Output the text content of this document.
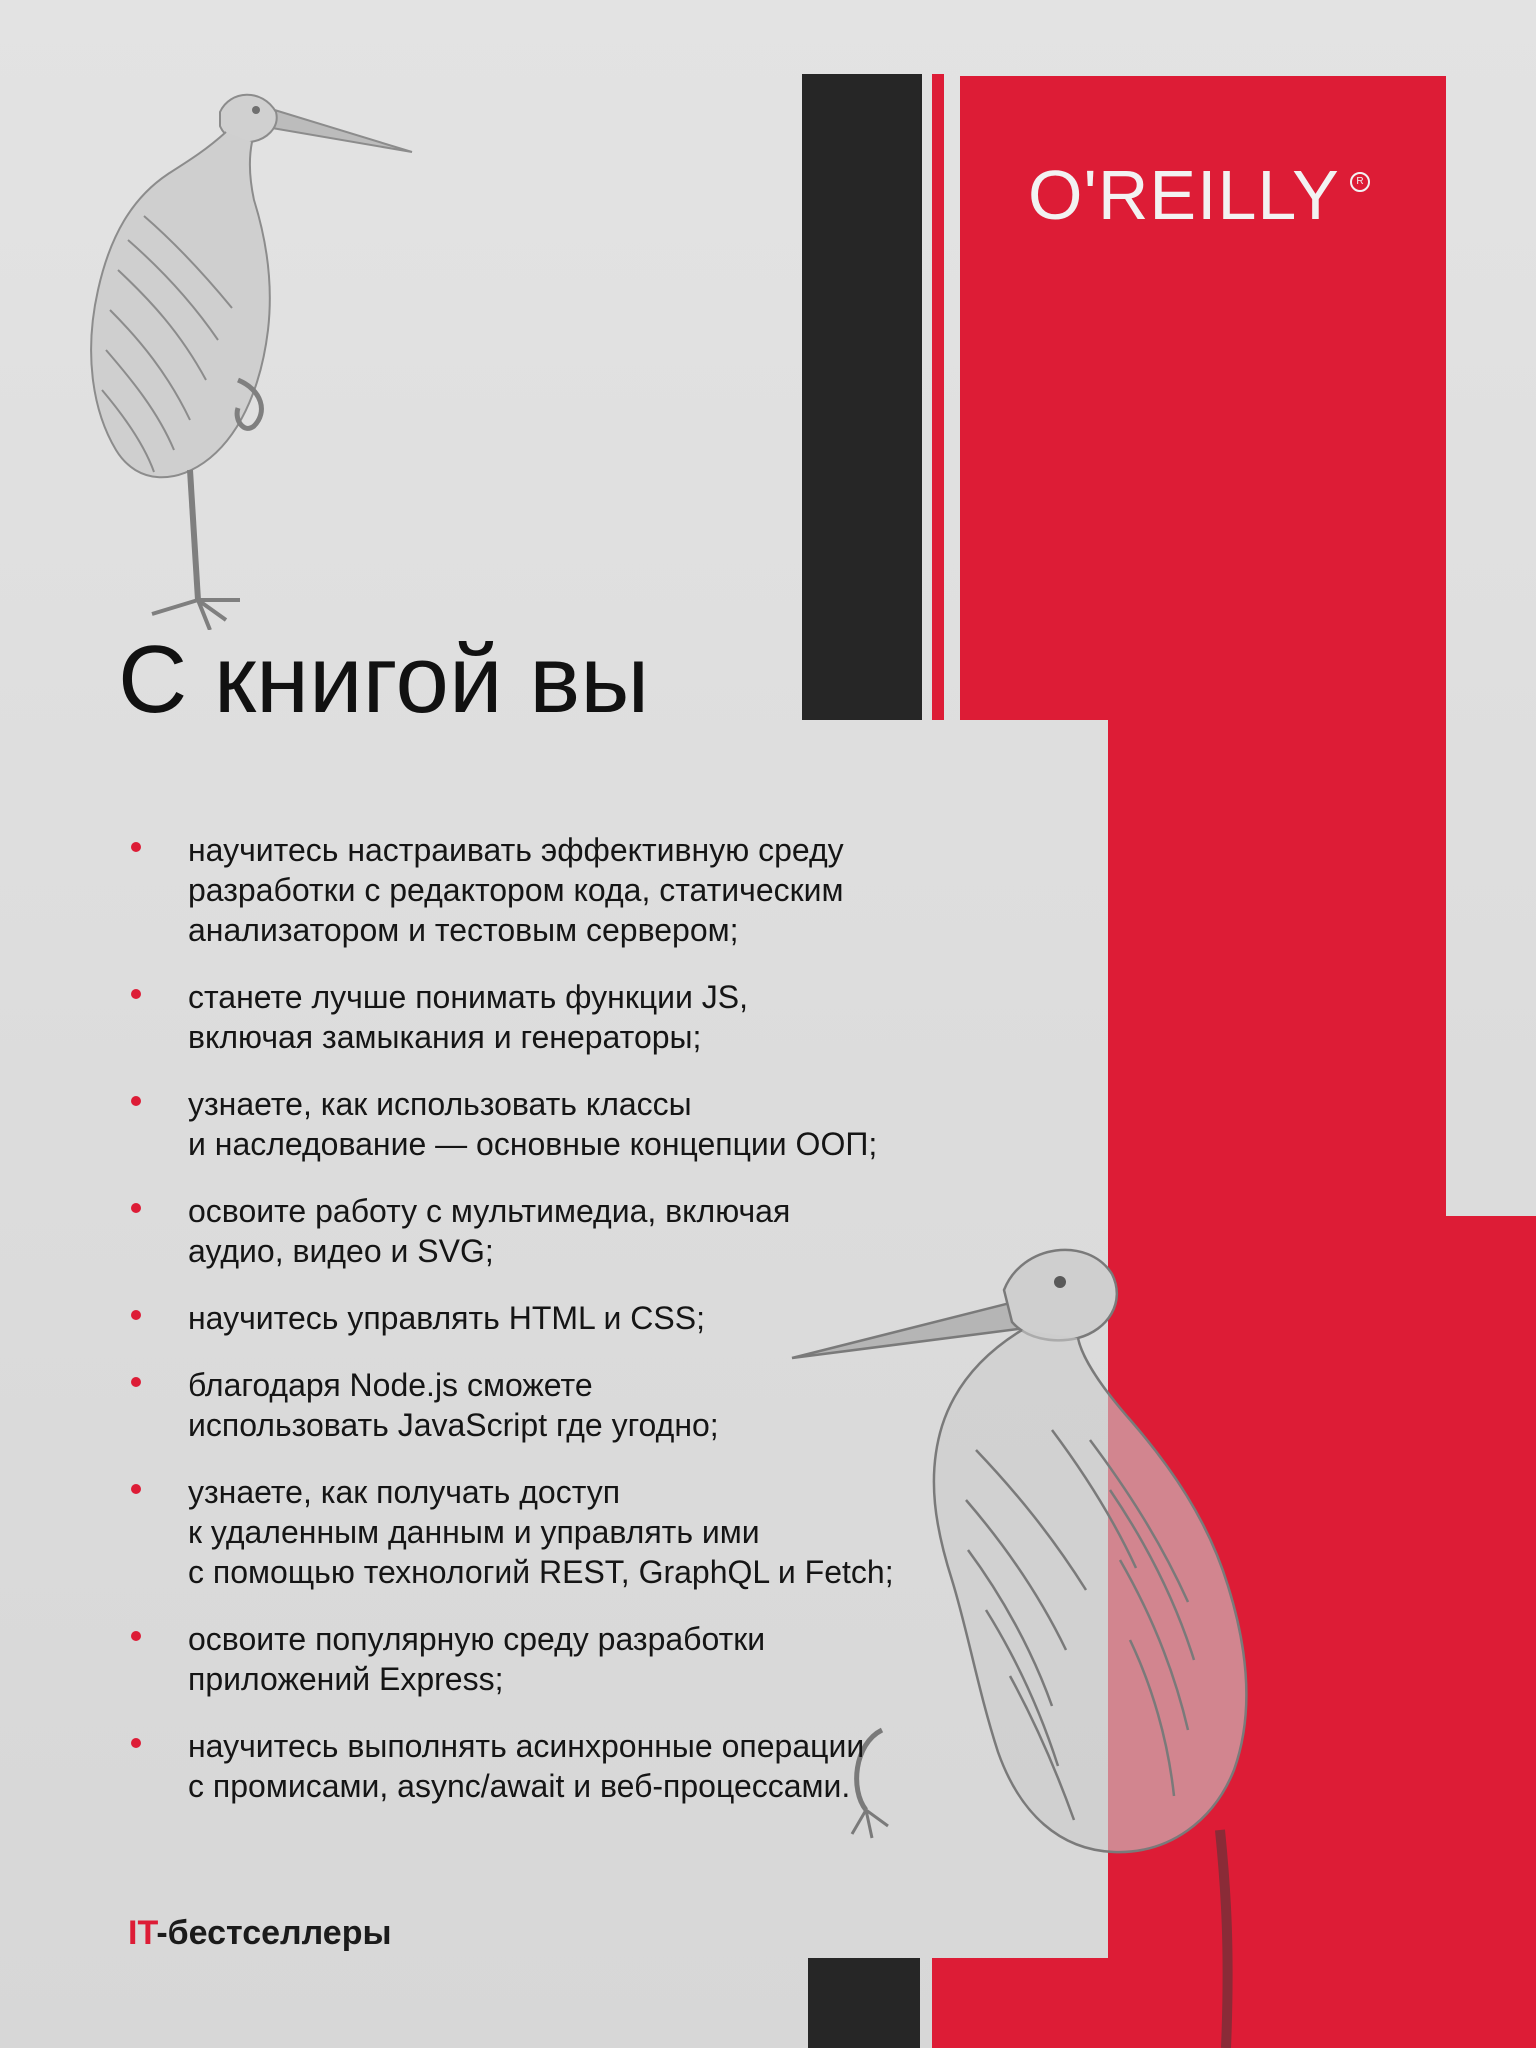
O'REILLY	R
С книгой вы
научитесь настраивать эффективную среду
разработки с редактором кода, статическим
анализатором и тестовым сервером;
станете лучше понимать функции JS,
включая замыкания и генераторы;
узнаете, как использовать классы
и наследование — основные концепции ООП;
освоите работу с мультимедиа, включая
аудио, видео и SVG;
научитесь управлять HTML и CSS;
благодаря Node.js сможете
использовать JavaScript где угодно;
узнаете, как получать доступ
к удаленным данным и управлять ими
с помощью технологий REST, GraphQL и Fetch;
освоите популярную среду разработки
приложений Express;
научитесь выполнять асинхронные операции
с промисами, async/await и веб-процессами.
IT-бестселлеры
